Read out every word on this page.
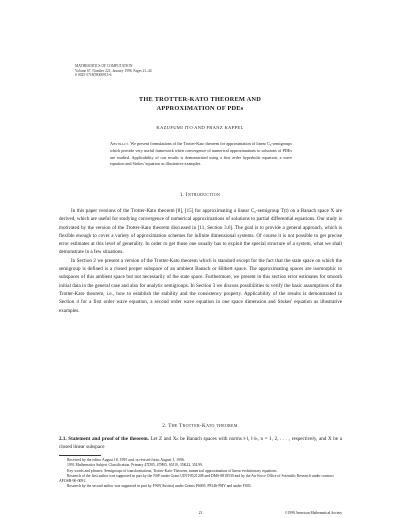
MATHEMATICS OF COMPUTATION
Volume 67, Number 221, January 1998, Pages 21–44
S 0025-5718(98)00915-6
THE TROTTER-KATO THEOREM AND
APPROXIMATION OF PDEs
KAZUFUMI ITO AND FRANZ KAPPEL
Abstract. We present formulations of the Trotter-Kato theorem for approximation of linear C₀-semigroups which provide very useful framework when convergence of numerical approximations to solutions of PDEs are studied. Applicability of our results is demonstrated using a first order hyperbolic equation, a wave equation and Stokes' equation as illustrative examples.
1. Introduction

In this paper versions of the Trotter-Kato theorem [8], [15] for approximating a linear C₀-semigroup T(t) on a Banach space X are derived, which are useful for studying convergence of numerical approximations of solutions to partial differential equations. Our study is motivated by the version of the Trotter-Kato theorem discussed in [11, Section 3.6]. The goal is to provide a general approach, which is flexible enough to cover a variety of approximation schemes for infinite dimensional systems. Of course it is not possible to get precise error estimates at this level of generality. In order to get those one usually has to exploit the special structure of a system, what we shall demonstrate in a few situations.

In Section 2 we present a version of the Trotter-Kato theorem which is standard except for the fact that the state space on which the semigroup is defined is a closed proper subspace of an ambient Banach or Hilbert space. The approximating spaces are isomorphic to subspaces of this ambient space but not necessarily of the state space. Furthermore, we present in this section error estimates for smooth initial data in the general case and also for analytic semigroups. In Section 3 we discuss possibilities to verify the basic assumptions of the Trotter-Kato theorem, i.e., how to establish the stability and the consistency property. Applicability of the results is demonstrated in Section 4 for a first order wave equation, a second order wave equation in one space dimension and Stokes' equation as illustrative examples.

2. The Trotter-Kato theorem

2.1. Statement and proof of the theorem. Let Z and Xₙ be Banach spaces with norms ‖·‖, ‖·‖ₙ, n = 1, 2, . . . , respectively, and X be a closed linear subspace

Received by the editor August 18, 1995 and, in revised form, August 1, 1996.

1991 Mathematics Subject Classification. Primary 47D05, 47H05, 65J10, 35K22, 35L99.

Key words and phrases. Semigroups of transformations, Trotter-Kato-Theorem, numerical approximation of linear evolutionary equations.

Research of the first author was supported in part by the NSF under Grant UINT-8521208 and DMS-8818530 and by the Air Force Office of Scientific Research under contract AFOSR-90-0091.

Research by the second author was supported in part by FWF(Austria) under Grants P6005, P8146-PHY and under F003.

21	©1998 American Mathematical Society
